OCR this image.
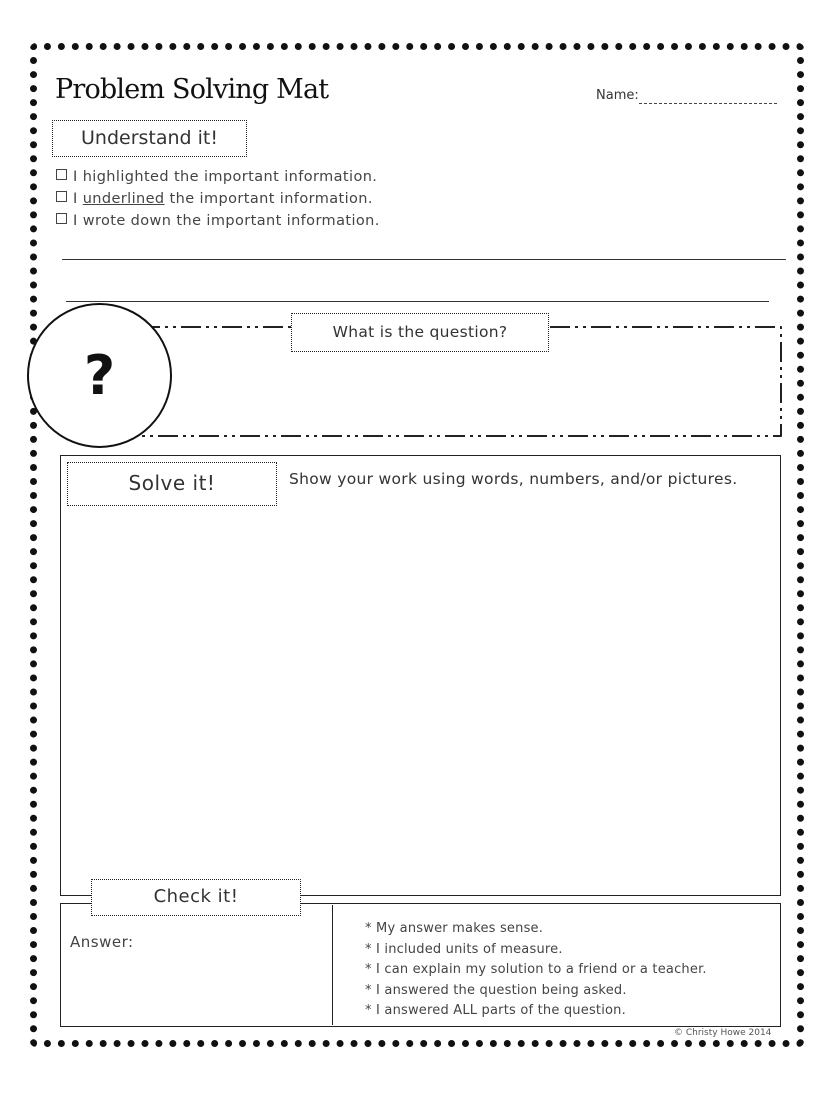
Problem Solving Mat	Name:
Understand it!
I highlighted the important information.
I underlined the important information.
I wrote down the important information.
What is the question?
?
Solve it!	Show your work using words, numbers, and/or pictures.
Check it!
Answer:
* My answer makes sense.
* I included units of measure.
* I can explain my solution to a friend or a teacher.
* I answered the question being asked.
* I answered ALL parts of the question.
© Christy Howe 2014
